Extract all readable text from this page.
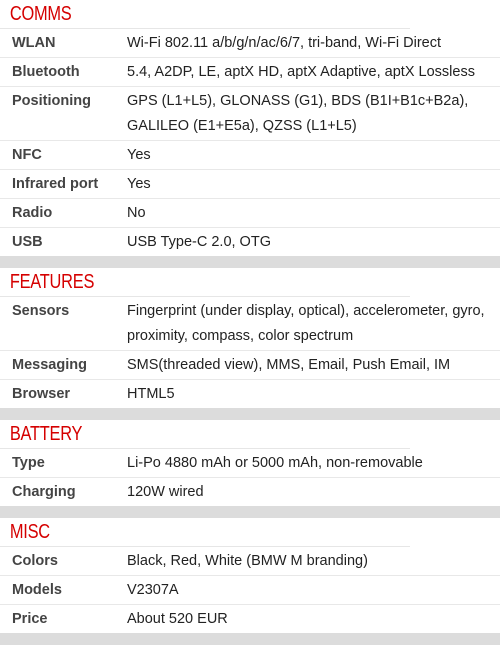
COMMS
WLAN	Wi-Fi 802.11 a/b/g/n/ac/6/7, tri-band, Wi-Fi Direct
Bluetooth	5.4, A2DP, LE, aptX HD, aptX Adaptive, aptX Lossless
Positioning	GPS (L1+L5), GLONASS (G1), BDS (B1I+B1c+B2a), GALILEO (E1+E5a), QZSS (L1+L5)
NFC	Yes
Infrared port	Yes
Radio	No
USB	USB Type-C 2.0, OTG
FEATURES
Sensors	Fingerprint (under display, optical), accelerometer, gyro, proximity, compass, color spectrum
Messaging	SMS(threaded view), MMS, Email, Push Email, IM
Browser	HTML5
BATTERY
Type	Li-Po 4880 mAh or 5000 mAh, non-removable
Charging	120W wired
MISC
Colors	Black, Red, White (BMW M branding)
Models	V2307A
Price	About 520 EUR
